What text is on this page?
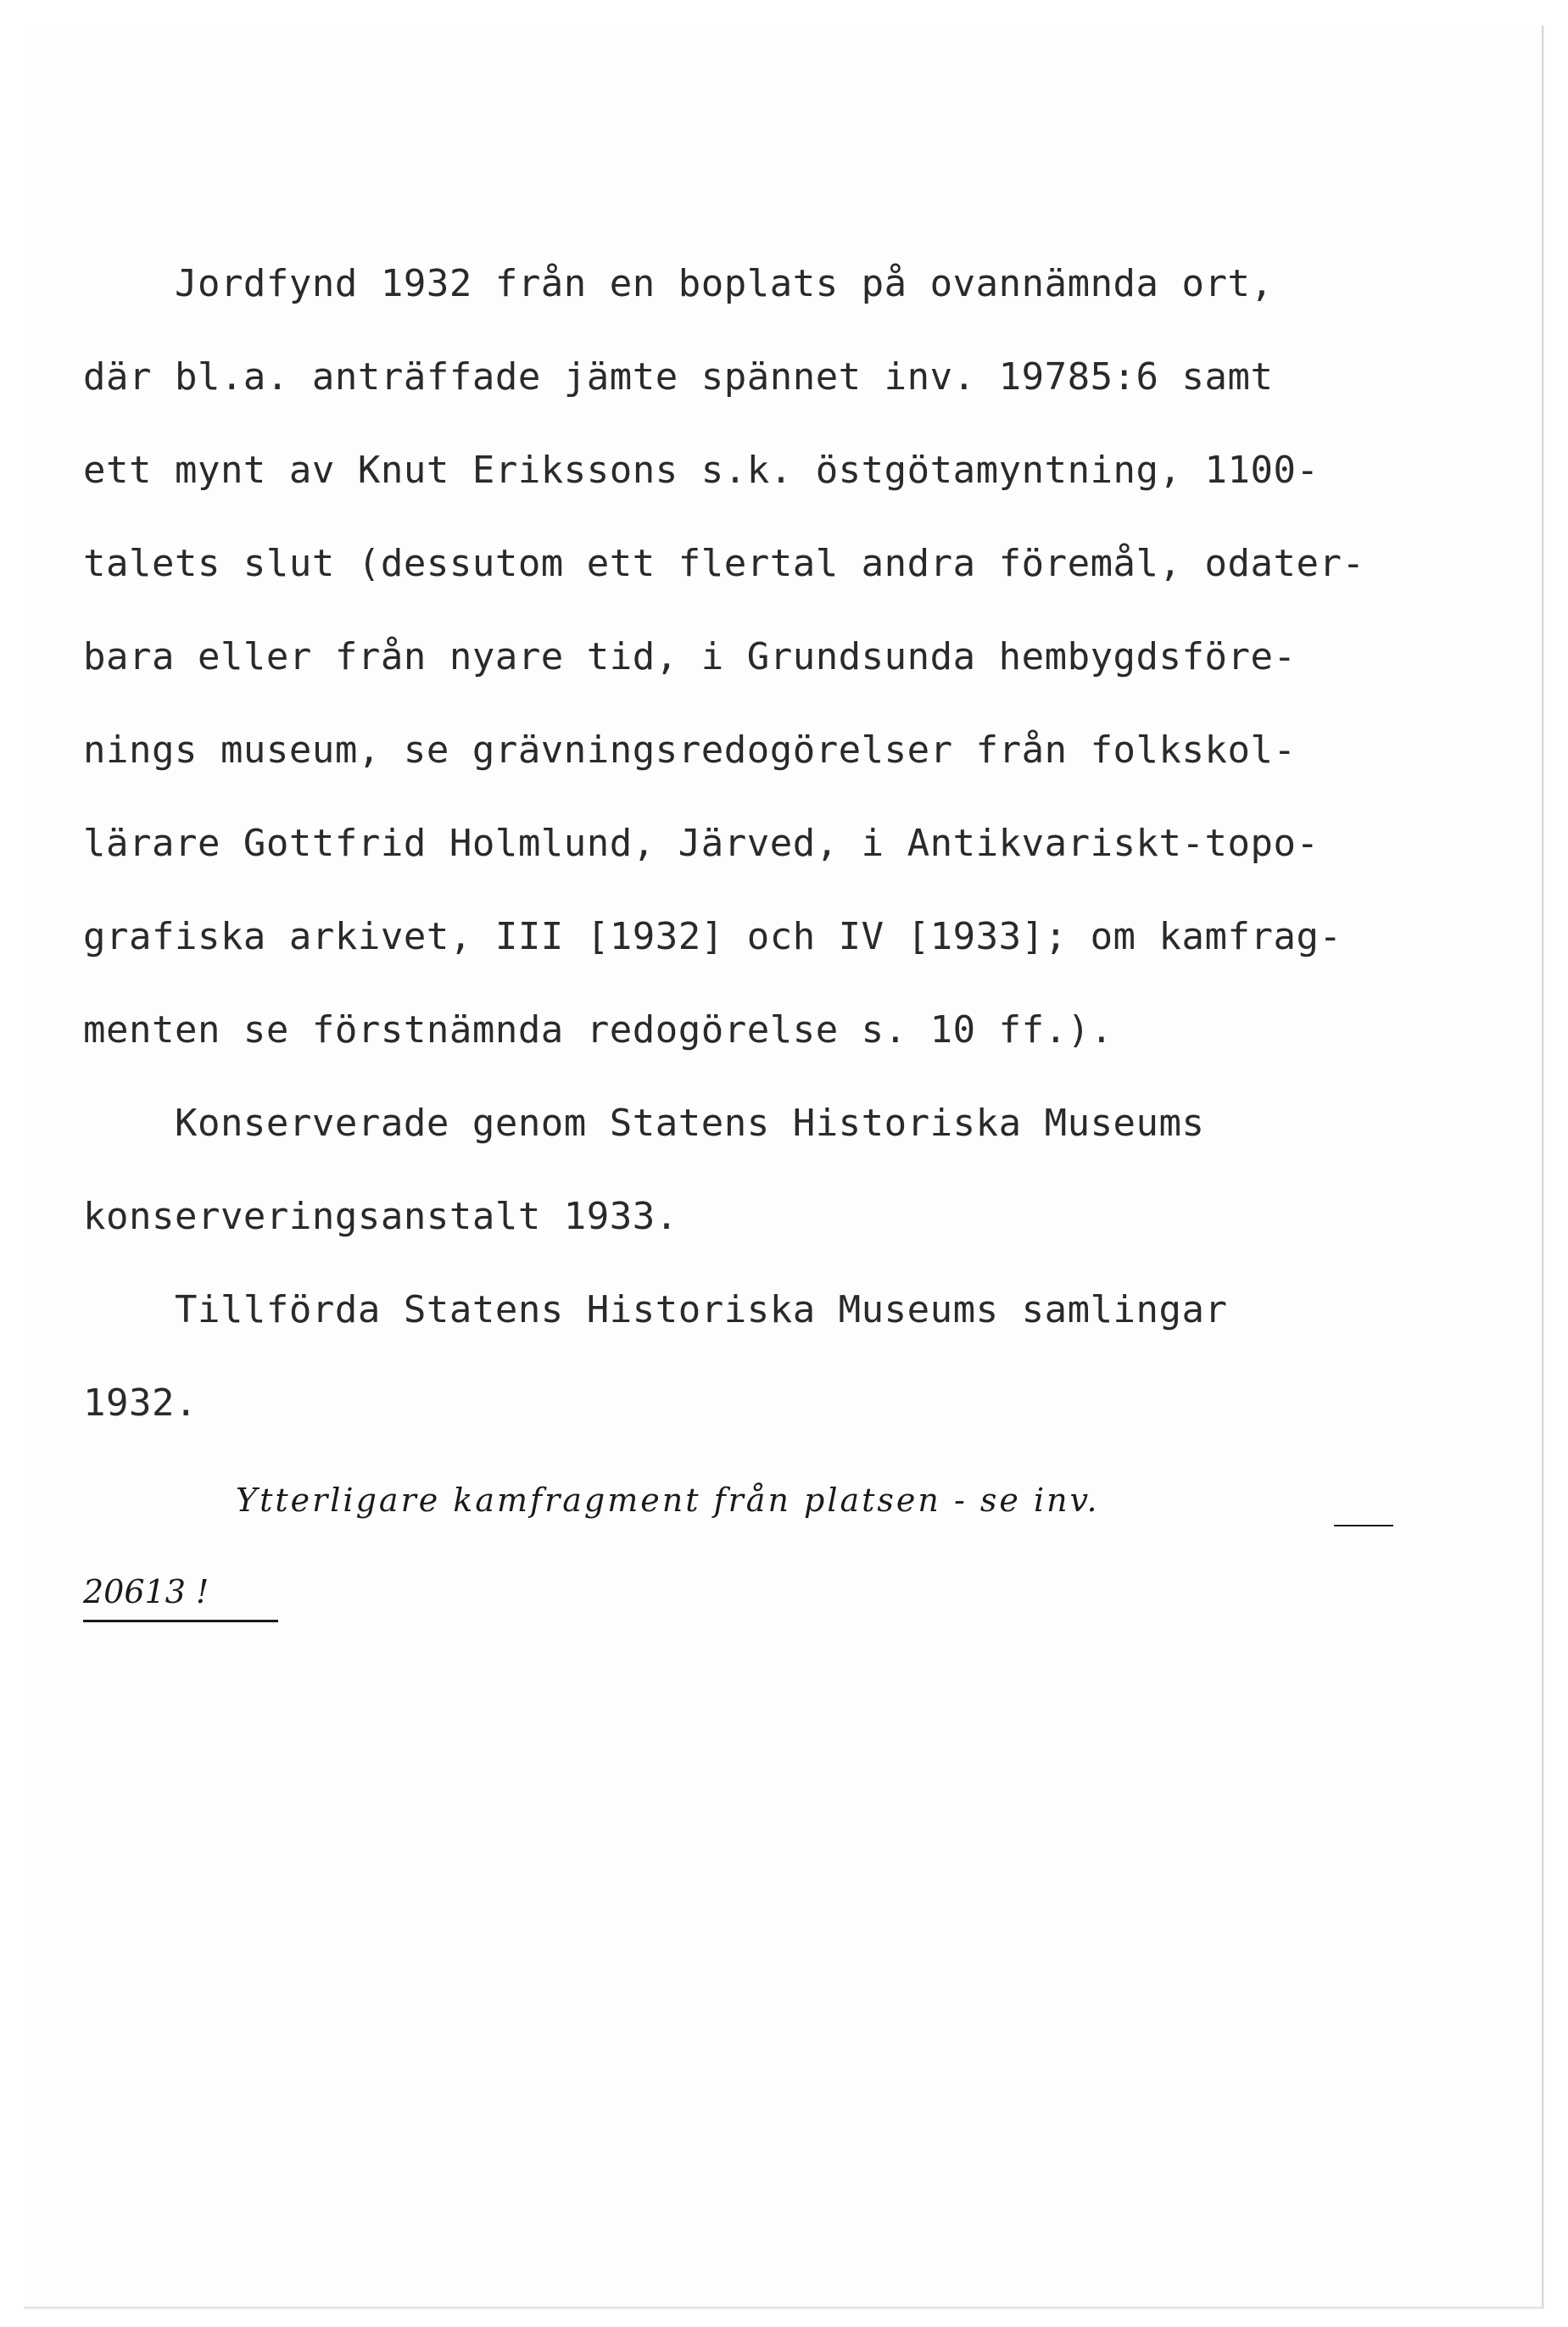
Jordfynd 1932 från en boplats på ovannämnda ort,

där bl.a. anträffade jämte spännet inv. 19785:6 samt

ett mynt av Knut Erikssons s.k. östgötamyntning, 1100-

talets slut (dessutom ett flertal andra föremål, odater-

bara eller från nyare tid, i Grundsunda hembygdsföre-

nings museum, se grävningsredogörelser från folkskol-

lärare Gottfrid Holmlund, Järved, i Antikvariskt-topo-

grafiska arkivet, III [1932] och IV [1933]; om kamfrag-

menten se förstnämnda redogörelse s. 10 ff.).

Konserverade genom Statens Historiska Museums

konserveringsanstalt 1933.

Tillförda Statens Historiska Museums samlingar

1932.

Ytterligare kamfragment från platsen - se inv.

20613 !
